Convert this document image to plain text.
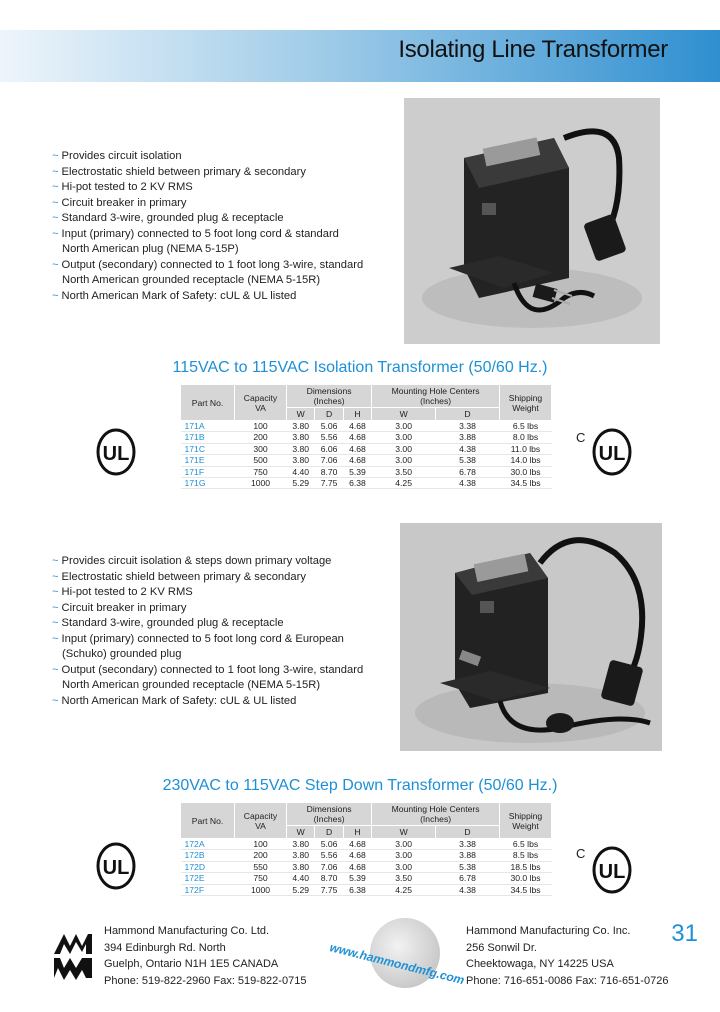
Isolating Line Transformer
~ Provides circuit isolation
~ Electrostatic shield between primary & secondary
~ Hi-pot tested to 2 KV RMS
~ Circuit breaker in primary
~ Standard 3-wire, grounded plug & receptacle
~ Input (primary) connected to 5 foot long cord & standard
North American plug (NEMA 5-15P)
~ Output (secondary) connected to 1 foot long 3-wire, standard
North American grounded receptacle (NEMA 5-15R)
~ North American Mark of Safety: cUL & UL listed
115VAC to 115VAC Isolation Transformer (50/60 Hz.)
Part No.	Capacity VA	Dimensions (Inches)			Mounting Hole Centers (Inches)		Shipping Weight
		W	D	H	W	D	
171A	100	3.80	5.06	4.68	3.00	3.38	6.5 lbs
171B	200	3.80	5.56	4.68	3.00	3.88	8.0 lbs
171C	300	3.80	6.06	4.68	3.00	4.38	11.0 lbs
171E	500	3.80	7.06	4.68	3.00	5.38	14.0 lbs
171F	750	4.40	8.70	5.39	3.50	6.78	30.0 lbs
171G	1000	5.29	7.75	6.38	4.25	4.38	34.5 lbs
UL
C
UL
~ Provides circuit isolation & steps down primary voltage
~ Electrostatic shield between primary & secondary
~ Hi-pot tested to 2 KV RMS
~ Circuit breaker in primary
~ Standard 3-wire, grounded plug & receptacle
~ Input (primary) connected to 5 foot long cord & European
(Schuko) grounded plug
~ Output (secondary) connected to 1 foot long 3-wire, standard
North American grounded receptacle (NEMA 5-15R)
~ North American Mark of Safety: cUL & UL listed
230VAC to 115VAC Step Down Transformer (50/60 Hz.)
Part No.	Capacity VA	Dimensions (Inches)			Mounting Hole Centers (Inches)		Shipping Weight
		W	D	H	W	D	
172A	100	3.80	5.06	4.68	3.00	3.38	6.5 lbs
172B	200	3.80	5.56	4.68	3.00	3.88	8.5 lbs
172D	550	3.80	7.06	4.68	3.00	5.38	18.5 lbs
172E	750	4.40	8.70	5.39	3.50	6.78	30.0 lbs
172F	1000	5.29	7.75	6.38	4.25	4.38	34.5 lbs
UL
C
UL
Hammond Manufacturing Co. Ltd.
394 Edinburgh Rd. North
Guelph, Ontario N1H 1E5 CANADA
Phone: 519-822-2960 Fax: 519-822-0715 www.hammondmfg.com
Hammond Manufacturing Co. Inc.
256 Sonwil Dr.
Cheektowaga, NY 14225 USA
Phone: 716-651-0086 Fax: 716-651-0726
31
